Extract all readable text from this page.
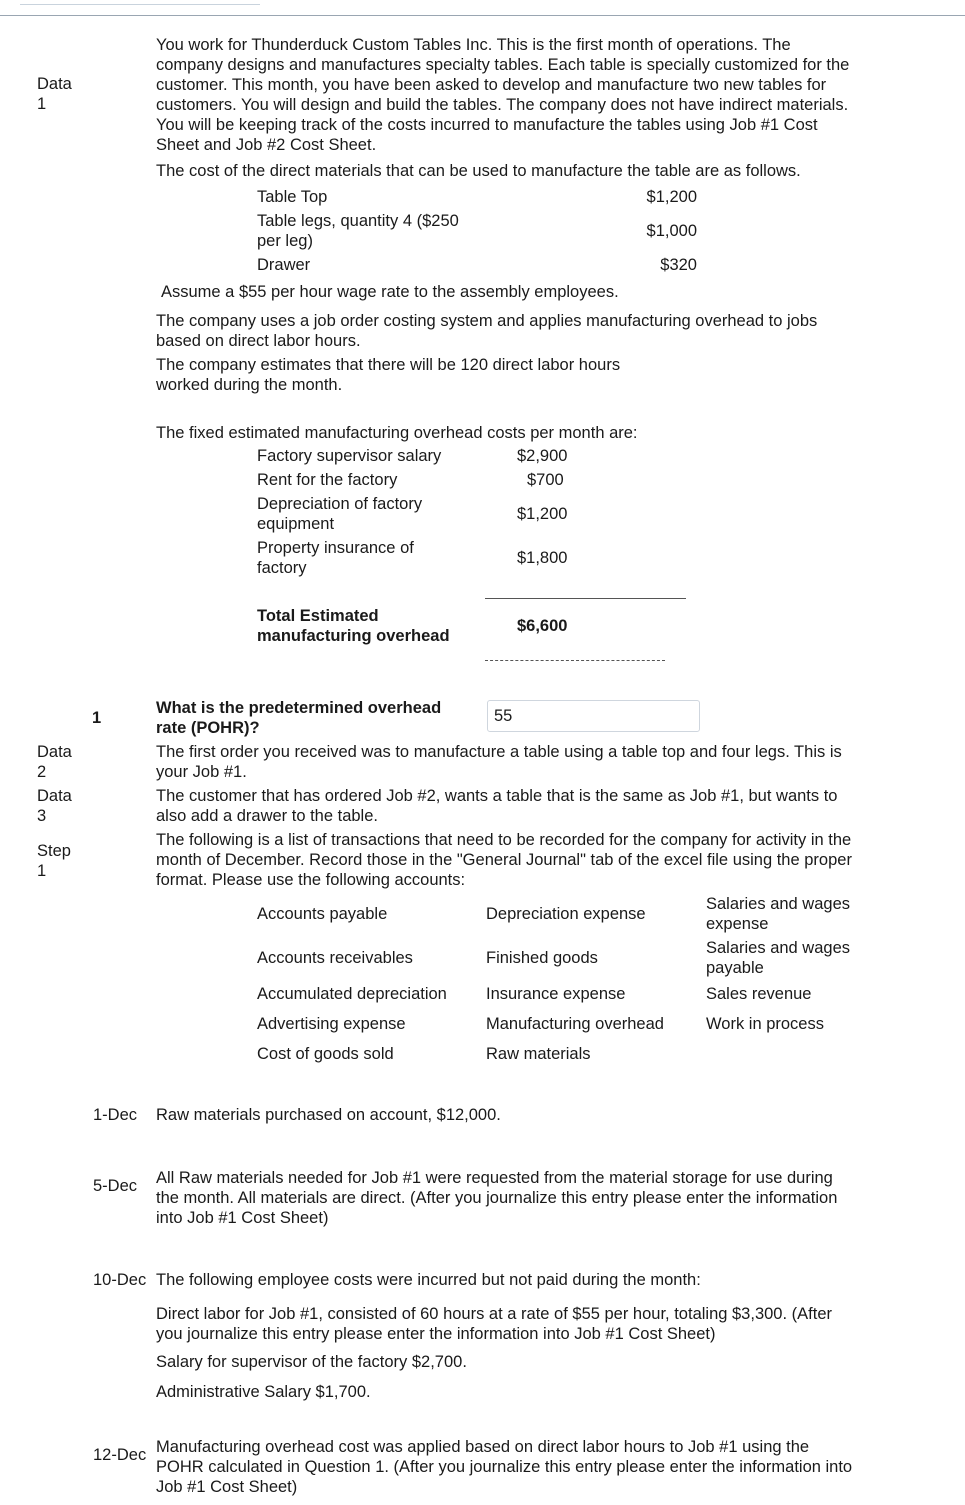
Data
1
Data
2
Data
3
Step
1
You work for Thunderduck Custom Tables Inc. This is the first month of operations. The
company designs and manufactures specialty tables. Each table is specially customized for the
customer. This month, you have been asked to develop and manufacture two new tables for
customers. You will design and build the tables. The company does not have indirect materials.
You will be keeping track of the costs incurred to manufacture the tables using Job #1 Cost
Sheet and Job #2 Cost Sheet.
The cost of the direct materials that can be used to manufacture the table are as follows.
Table Top	$1,200
Table legs, quantity 4 ($250
per leg)
$1,000
Drawer	$320
Assume a $55 per hour wage rate to the assembly employees.
The company uses a job order costing system and applies manufacturing overhead to jobs
based on direct labor hours.
The company estimates that there will be 120 direct labor hours
worked during the month.
The fixed estimated manufacturing overhead costs per month are:
Factory supervisor salary	$2,900
Rent for the factory	$700
Depreciation of factory
equipment
$1,200
Property insurance of
factory
$1,800
Total Estimated
manufacturing overhead
$6,600
1
What is the predetermined overhead
rate (POHR)?
55
The first order you received was to manufacture a table using a table top and four legs. This is
your Job #1.
The customer that has ordered Job #2, wants a table that is the same as Job #1, but wants to
also add a drawer to the table.
The following is a list of transactions that need to be recorded for the company for activity in the
month of December. Record those in the "General Journal" tab of the excel file using the proper
format. Please use the following accounts:
Accounts payable
Accounts receivables
Accumulated depreciation
Advertising expense
Cost of goods sold
Depreciation expense
Finished goods
Insurance expense
Manufacturing overhead
Raw materials
Salaries and wages
expense
Salaries and wages
payable
Sales revenue
Work in process
1-Dec Raw materials purchased on account, $12,000.
5-Dec All Raw materials needed for Job #1 were requested from the material storage for use during
the month. All materials are direct. (After you journalize this entry please enter the information
into Job #1 Cost Sheet)
10-Dec The following employee costs were incurred but not paid during the month:
Direct labor for Job #1, consisted of 60 hours at a rate of $55 per hour, totaling $3,300. (After
you journalize this entry please enter the information into Job #1 Cost Sheet)
Salary for supervisor of the factory $2,700.
Administrative Salary $1,700.
12-Dec Manufacturing overhead cost was applied based on direct labor hours to Job #1 using the
POHR calculated in Question 1. (After you journalize this entry please enter the information into
Job #1 Cost Sheet)
